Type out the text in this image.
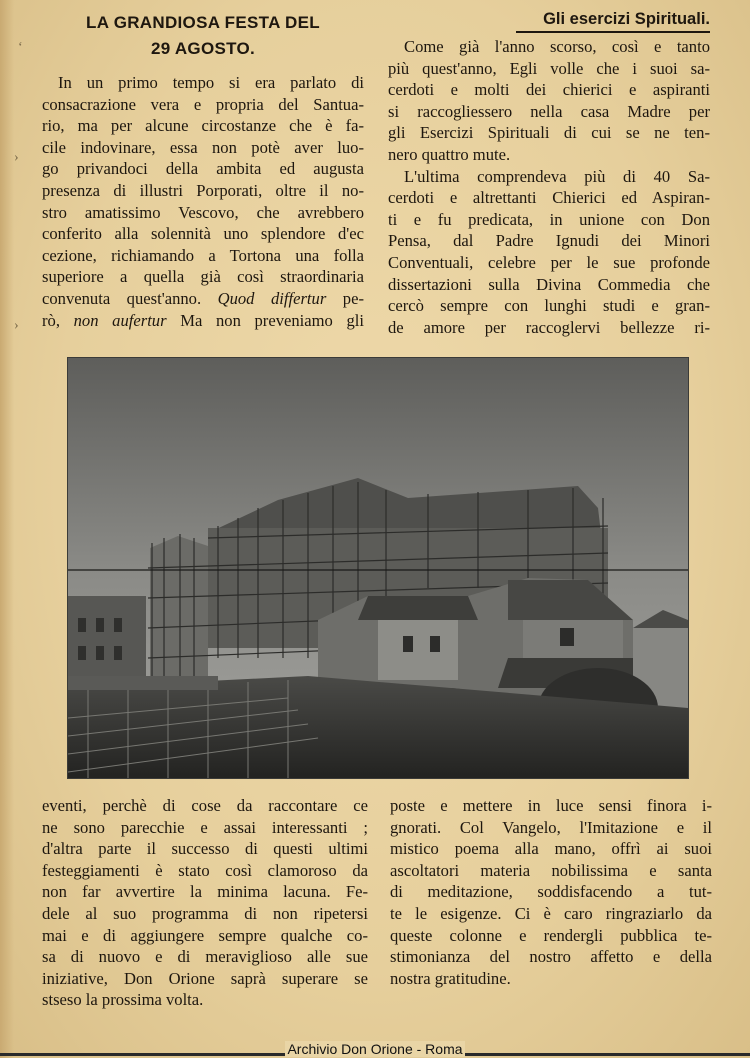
ʻ
›
›
LA GRANDIOSA FESTA DEL
29 AGOSTO.

In un primo tempo si era parlato di

consacrazione vera e propria del Santua-

rio, ma per alcune circostanze che è fa-

cile indovinare, essa non potè aver luo-

go privandoci della ambita ed augusta

presenza di illustri Porporati, oltre il no-

stro amatissimo Vescovo, che avrebbero

conferito alla solennità uno splendore d'ec

cezione, richiamando a Tortona una folla

superiore a quella già così straordinaria

convenuta quest'anno. Quod differtur pe-

rò, non aufertur Ma non preveniamo gli

Gli esercizi Spirituali.

Come già l'anno scorso, così e tanto

più quest'anno, Egli volle che i suoi sa-

cerdoti e molti dei chierici e aspiranti

si raccogliessero nella casa Madre per

gli Esercizi Spirituali di cui se ne ten-

nero quattro mute.

L'ultima comprendeva più di 40 Sa-

cerdoti e altrettanti Chierici ed Aspiran-

ti e fu predicata, in unione con Don

Pensa, dal Padre Ignudi dei Minori

Conventuali, celebre per le sue profonde

dissertazioni sulla Divina Commedia che

cercò sempre con lunghi studi e gran-

de amore per raccoglervi bellezze ri-

eventi, perchè di cose da raccontare ce

ne sono parecchie e assai interessanti ;

d'altra parte il successo di questi ultimi

festeggiamenti è stato così clamoroso da

non far avvertire la minima lacuna. Fe-

dele al suo programma di non ripetersi

mai e di aggiungere sempre qualche co-

sa di nuovo e di meraviglioso alle sue

iniziative, Don Orione saprà superare se

stseso la prossima volta.

poste e mettere in luce sensi finora i-

gnorati. Col Vangelo, l'Imitazione e il

mistico poema alla mano, offrì ai suoi

ascoltatori materia nobilissima e santa

di meditazione, soddisfacendo a tut-

te le esigenze. Ci è caro ringraziarlo da

queste colonne e rendergli pubblica te-

stimonianza del nostro affetto e della

nostra gratitudine.

Archivio Don Orione - Roma
